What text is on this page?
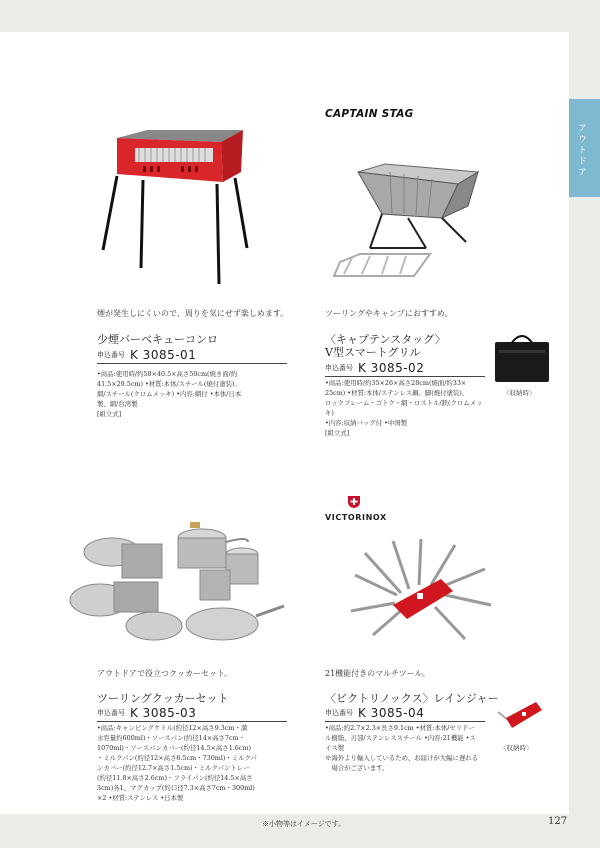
アウトドア
煙が発生しにくいので、周りを気にせず楽しめます。
少煙バーベキューコンロ
申込番号 K 3085-01

•商品:使用時/約58×40.5×高さ50cm(焼き面/約

41.5×29.5cm) •材質:本体/スチール(焼付塗装)、

網/スチール(クロムメッキ) •内容:網付 •本体/日本

製、網/台湾製

[組立式]

CAPTAIN STAG
ツーリングやキャンプにおすすめ。
〈キャプテンスタッグ〉
V型スマートグリル
申込番号 K 3085-02

•商品:使用時/約35×26×高さ28cm(焼面/約33×

25cm) •材質:本体/ステンレス鋼、脚(焼付塗装)、

ロックフレーム・ゴトク・網・ロストル/鉄(クロムメッキ)

•内容:収納バッグ付 •中国製

[組立式]

〈収納時〉
アウトドアで役立つクッカーセット。
ツーリングクッカーセット
申込番号 K 3085-03

•商品:キャンピングケトル(約径12×高さ9.3cm・満

水容量約600ml)・ソースパン(約径14×高さ7cm・

1070ml)・ソースパンカバー(約径14.5×高さ1.6cm)

・ミルクパン(約径12×高さ6.5cm・730ml)・ミルクパ

ンカバー(約径12.7×高さ1.5cm)・ミルクパントレー

(約径11.8×高さ2.6cm)・フライパン(約径14.5×高さ

3cm)各1、マグカップ(約口径7.3×高さ7cm・300ml)

×2 •材質:ステンレス •日本製

VICTORINOX
21機能付きのマルチツール。
〈ビクトリノックス〉レインジャー
申込番号 K 3085-04

•商品:約2.7×2.3×長さ9.1cm •材質:本体/セリドー

ル樹脂、刃部/ステンレススチール •内容:21機能 •ス

イス製

※海外より輸入しているため、お届けが大幅に遅れる

　場合がございます。

〈収納時〉
※小物等はイメージです。	127
